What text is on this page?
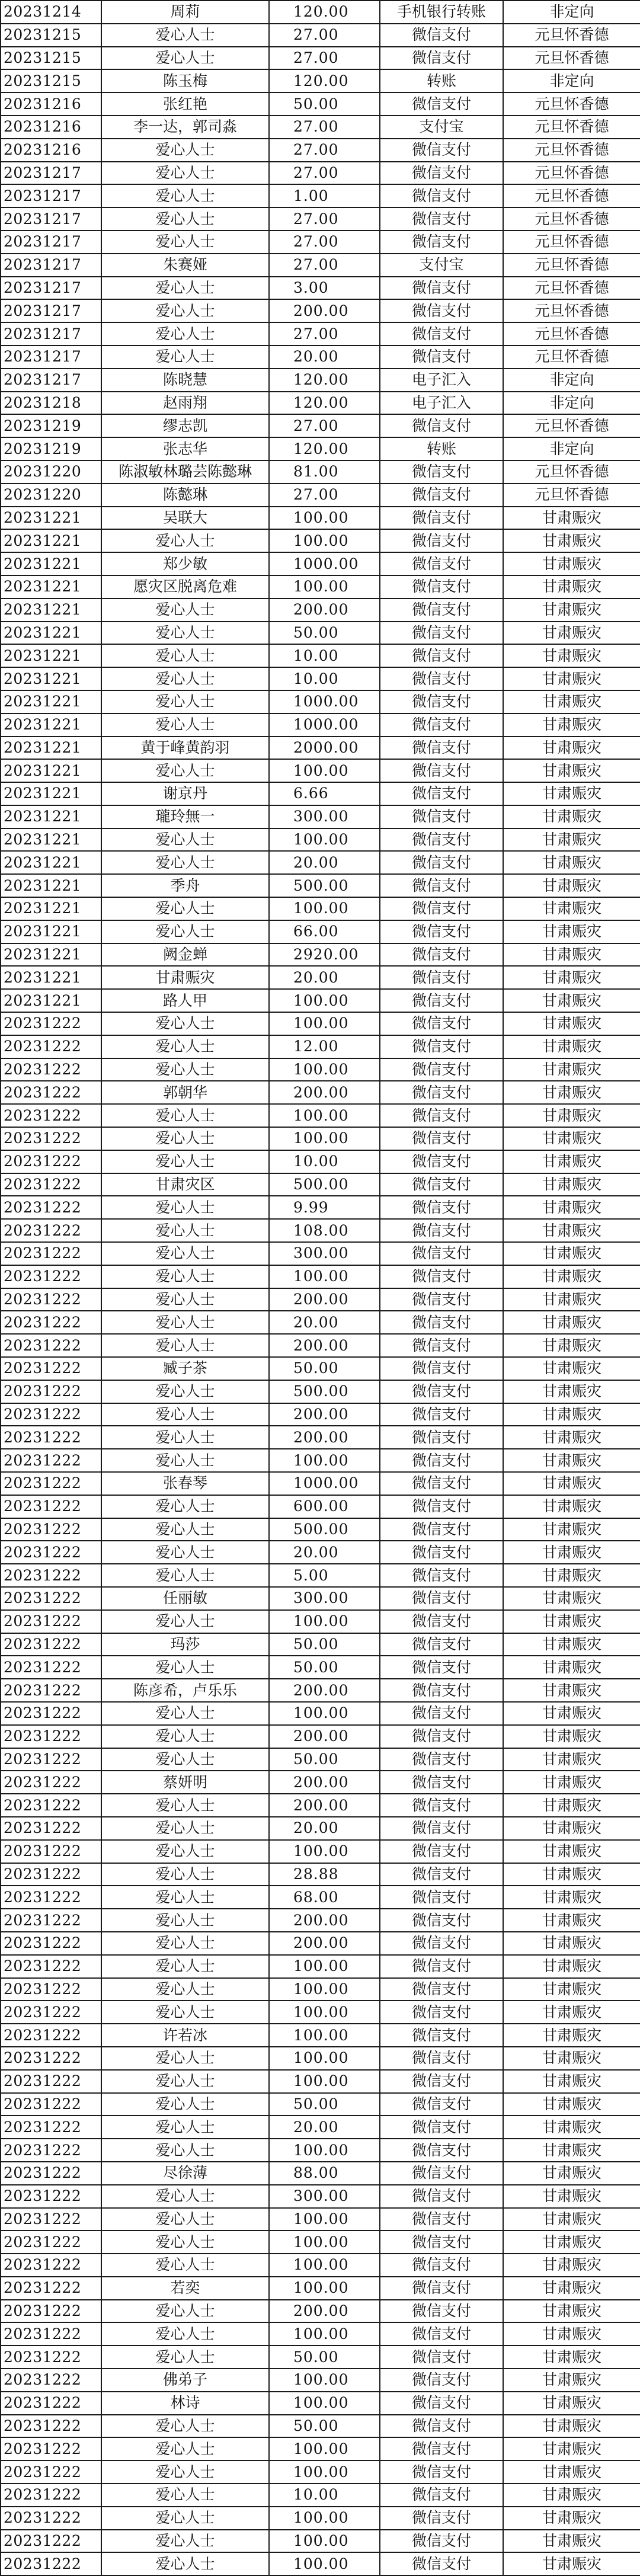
20231214	周莉	120.00	手机银行转账	非定向
20231215	爱心人士	27.00	微信支付	元旦怀香德
20231215	爱心人士	27.00	微信支付	元旦怀香德
20231215	陈玉梅	120.00	转账	非定向
20231216	张红艳	50.00	微信支付	元旦怀香德
20231216	李一达，郭司淼	27.00	支付宝	元旦怀香德
20231216	爱心人士	27.00	微信支付	元旦怀香德
20231217	爱心人士	27.00	微信支付	元旦怀香德
20231217	爱心人士	1.00	微信支付	元旦怀香德
20231217	爱心人士	27.00	微信支付	元旦怀香德
20231217	爱心人士	27.00	微信支付	元旦怀香德
20231217	朱赛娅	27.00	支付宝	元旦怀香德
20231217	爱心人士	3.00	微信支付	元旦怀香德
20231217	爱心人士	200.00	微信支付	元旦怀香德
20231217	爱心人士	27.00	微信支付	元旦怀香德
20231217	爱心人士	20.00	微信支付	元旦怀香德
20231217	陈晓慧	120.00	电子汇入	非定向
20231218	赵雨翔	120.00	电子汇入	非定向
20231219	缪志凯	27.00	微信支付	元旦怀香德
20231219	张志华	120.00	转账	非定向
20231220	陈淑敏林璐芸陈懿琳	81.00	微信支付	元旦怀香德
20231220	陈懿琳	27.00	微信支付	元旦怀香德
20231221	吴联大	100.00	微信支付	甘肃赈灾
20231221	爱心人士	100.00	微信支付	甘肃赈灾
20231221	郑少敏	1000.00	微信支付	甘肃赈灾
20231221	愿灾区脱离危难	100.00	微信支付	甘肃赈灾
20231221	爱心人士	200.00	微信支付	甘肃赈灾
20231221	爱心人士	50.00	微信支付	甘肃赈灾
20231221	爱心人士	10.00	微信支付	甘肃赈灾
20231221	爱心人士	10.00	微信支付	甘肃赈灾
20231221	爱心人士	1000.00	微信支付	甘肃赈灾
20231221	爱心人士	1000.00	微信支付	甘肃赈灾
20231221	黄于峰黄韵羽	2000.00	微信支付	甘肃赈灾
20231221	爱心人士	100.00	微信支付	甘肃赈灾
20231221	谢京丹	6.66	微信支付	甘肃赈灾
20231221	瓏玲無一	300.00	微信支付	甘肃赈灾
20231221	爱心人士	100.00	微信支付	甘肃赈灾
20231221	爱心人士	20.00	微信支付	甘肃赈灾
20231221	季舟	500.00	微信支付	甘肃赈灾
20231221	爱心人士	100.00	微信支付	甘肃赈灾
20231221	爱心人士	66.00	微信支付	甘肃赈灾
20231221	阙金蝉	2920.00	微信支付	甘肃赈灾
20231221	甘肃赈灾	20.00	微信支付	甘肃赈灾
20231221	路人甲	100.00	微信支付	甘肃赈灾
20231222	爱心人士	100.00	微信支付	甘肃赈灾
20231222	爱心人士	12.00	微信支付	甘肃赈灾
20231222	爱心人士	100.00	微信支付	甘肃赈灾
20231222	郭朝华	200.00	微信支付	甘肃赈灾
20231222	爱心人士	100.00	微信支付	甘肃赈灾
20231222	爱心人士	100.00	微信支付	甘肃赈灾
20231222	爱心人士	10.00	微信支付	甘肃赈灾
20231222	甘肃灾区	500.00	微信支付	甘肃赈灾
20231222	爱心人士	9.99	微信支付	甘肃赈灾
20231222	爱心人士	108.00	微信支付	甘肃赈灾
20231222	爱心人士	300.00	微信支付	甘肃赈灾
20231222	爱心人士	100.00	微信支付	甘肃赈灾
20231222	爱心人士	200.00	微信支付	甘肃赈灾
20231222	爱心人士	20.00	微信支付	甘肃赈灾
20231222	爱心人士	200.00	微信支付	甘肃赈灾
20231222	臧子茶	50.00	微信支付	甘肃赈灾
20231222	爱心人士	500.00	微信支付	甘肃赈灾
20231222	爱心人士	200.00	微信支付	甘肃赈灾
20231222	爱心人士	200.00	微信支付	甘肃赈灾
20231222	爱心人士	100.00	微信支付	甘肃赈灾
20231222	张春琴	1000.00	微信支付	甘肃赈灾
20231222	爱心人士	600.00	微信支付	甘肃赈灾
20231222	爱心人士	500.00	微信支付	甘肃赈灾
20231222	爱心人士	20.00	微信支付	甘肃赈灾
20231222	爱心人士	5.00	微信支付	甘肃赈灾
20231222	任丽敏	300.00	微信支付	甘肃赈灾
20231222	爱心人士	100.00	微信支付	甘肃赈灾
20231222	玛莎	50.00	微信支付	甘肃赈灾
20231222	爱心人士	50.00	微信支付	甘肃赈灾
20231222	陈彦希，卢乐乐	200.00	微信支付	甘肃赈灾
20231222	爱心人士	100.00	微信支付	甘肃赈灾
20231222	爱心人士	200.00	微信支付	甘肃赈灾
20231222	爱心人士	50.00	微信支付	甘肃赈灾
20231222	蔡妍明	200.00	微信支付	甘肃赈灾
20231222	爱心人士	200.00	微信支付	甘肃赈灾
20231222	爱心人士	20.00	微信支付	甘肃赈灾
20231222	爱心人士	100.00	微信支付	甘肃赈灾
20231222	爱心人士	28.88	微信支付	甘肃赈灾
20231222	爱心人士	68.00	微信支付	甘肃赈灾
20231222	爱心人士	200.00	微信支付	甘肃赈灾
20231222	爱心人士	200.00	微信支付	甘肃赈灾
20231222	爱心人士	100.00	微信支付	甘肃赈灾
20231222	爱心人士	100.00	微信支付	甘肃赈灾
20231222	爱心人士	100.00	微信支付	甘肃赈灾
20231222	许若冰	100.00	微信支付	甘肃赈灾
20231222	爱心人士	100.00	微信支付	甘肃赈灾
20231222	爱心人士	100.00	微信支付	甘肃赈灾
20231222	爱心人士	50.00	微信支付	甘肃赈灾
20231222	爱心人士	20.00	微信支付	甘肃赈灾
20231222	爱心人士	100.00	微信支付	甘肃赈灾
20231222	尽徐薄	88.00	微信支付	甘肃赈灾
20231222	爱心人士	300.00	微信支付	甘肃赈灾
20231222	爱心人士	100.00	微信支付	甘肃赈灾
20231222	爱心人士	100.00	微信支付	甘肃赈灾
20231222	爱心人士	100.00	微信支付	甘肃赈灾
20231222	若奕	100.00	微信支付	甘肃赈灾
20231222	爱心人士	200.00	微信支付	甘肃赈灾
20231222	爱心人士	100.00	微信支付	甘肃赈灾
20231222	爱心人士	50.00	微信支付	甘肃赈灾
20231222	佛弟子	100.00	微信支付	甘肃赈灾
20231222	林诗	100.00	微信支付	甘肃赈灾
20231222	爱心人士	50.00	微信支付	甘肃赈灾
20231222	爱心人士	100.00	微信支付	甘肃赈灾
20231222	爱心人士	100.00	微信支付	甘肃赈灾
20231222	爱心人士	10.00	微信支付	甘肃赈灾
20231222	爱心人士	100.00	微信支付	甘肃赈灾
20231222	爱心人士	100.00	微信支付	甘肃赈灾
20231222	爱心人士	100.00	微信支付	甘肃赈灾
